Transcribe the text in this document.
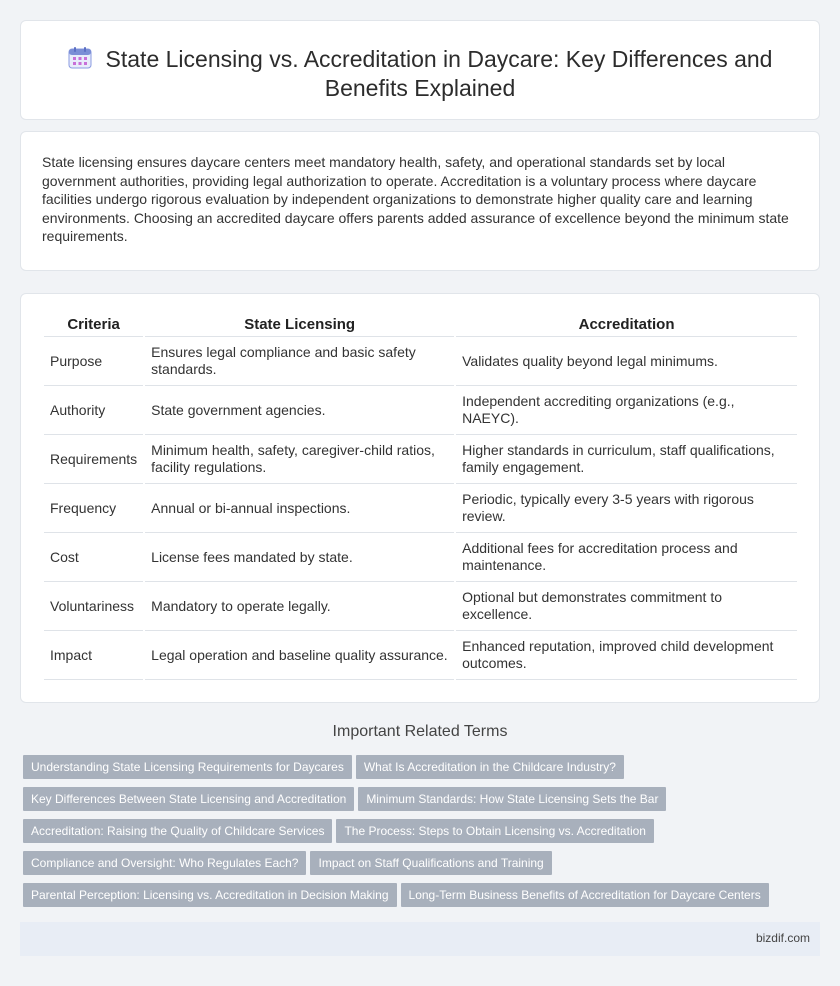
State Licensing vs. Accreditation in Daycare: Key Differences and Benefits Explained

State licensing ensures daycare centers meet mandatory health, safety, and operational standards set by local government authorities, providing legal authorization to operate. Accreditation is a voluntary process where daycare facilities undergo rigorous evaluation by independent organizations to demonstrate higher quality care and learning environments. Choosing an accredited daycare offers parents added assurance of excellence beyond the minimum state requirements.

Criteria	State Licensing	Accreditation
Purpose	Ensures legal compliance and basic safety standards.	Validates quality beyond legal minimums.
Authority	State government agencies.	Independent accrediting organizations (e.g., NAEYC).
Requirements	Minimum health, safety, caregiver-child ratios, facility regulations.	Higher standards in curriculum, staff qualifications, family engagement.
Frequency	Annual or bi-annual inspections.	Periodic, typically every 3-5 years with rigorous review.
Cost	License fees mandated by state.	Additional fees for accreditation process and maintenance.
Voluntariness	Mandatory to operate legally.	Optional but demonstrates commitment to excellence.
Impact	Legal operation and baseline quality assurance.	Enhanced reputation, improved child development outcomes.
Important Related Terms
Understanding State Licensing Requirements for Daycares What Is Accreditation in the Childcare Industry?
Key Differences Between State Licensing and Accreditation Minimum Standards: How State Licensing Sets the Bar
Accreditation: Raising the Quality of Childcare Services The Process: Steps to Obtain Licensing vs. Accreditation
Compliance and Oversight: Who Regulates Each? Impact on Staff Qualifications and Training
Parental Perception: Licensing vs. Accreditation in Decision Making Long-Term Business Benefits of Accreditation for Daycare Centers
bizdif.com
